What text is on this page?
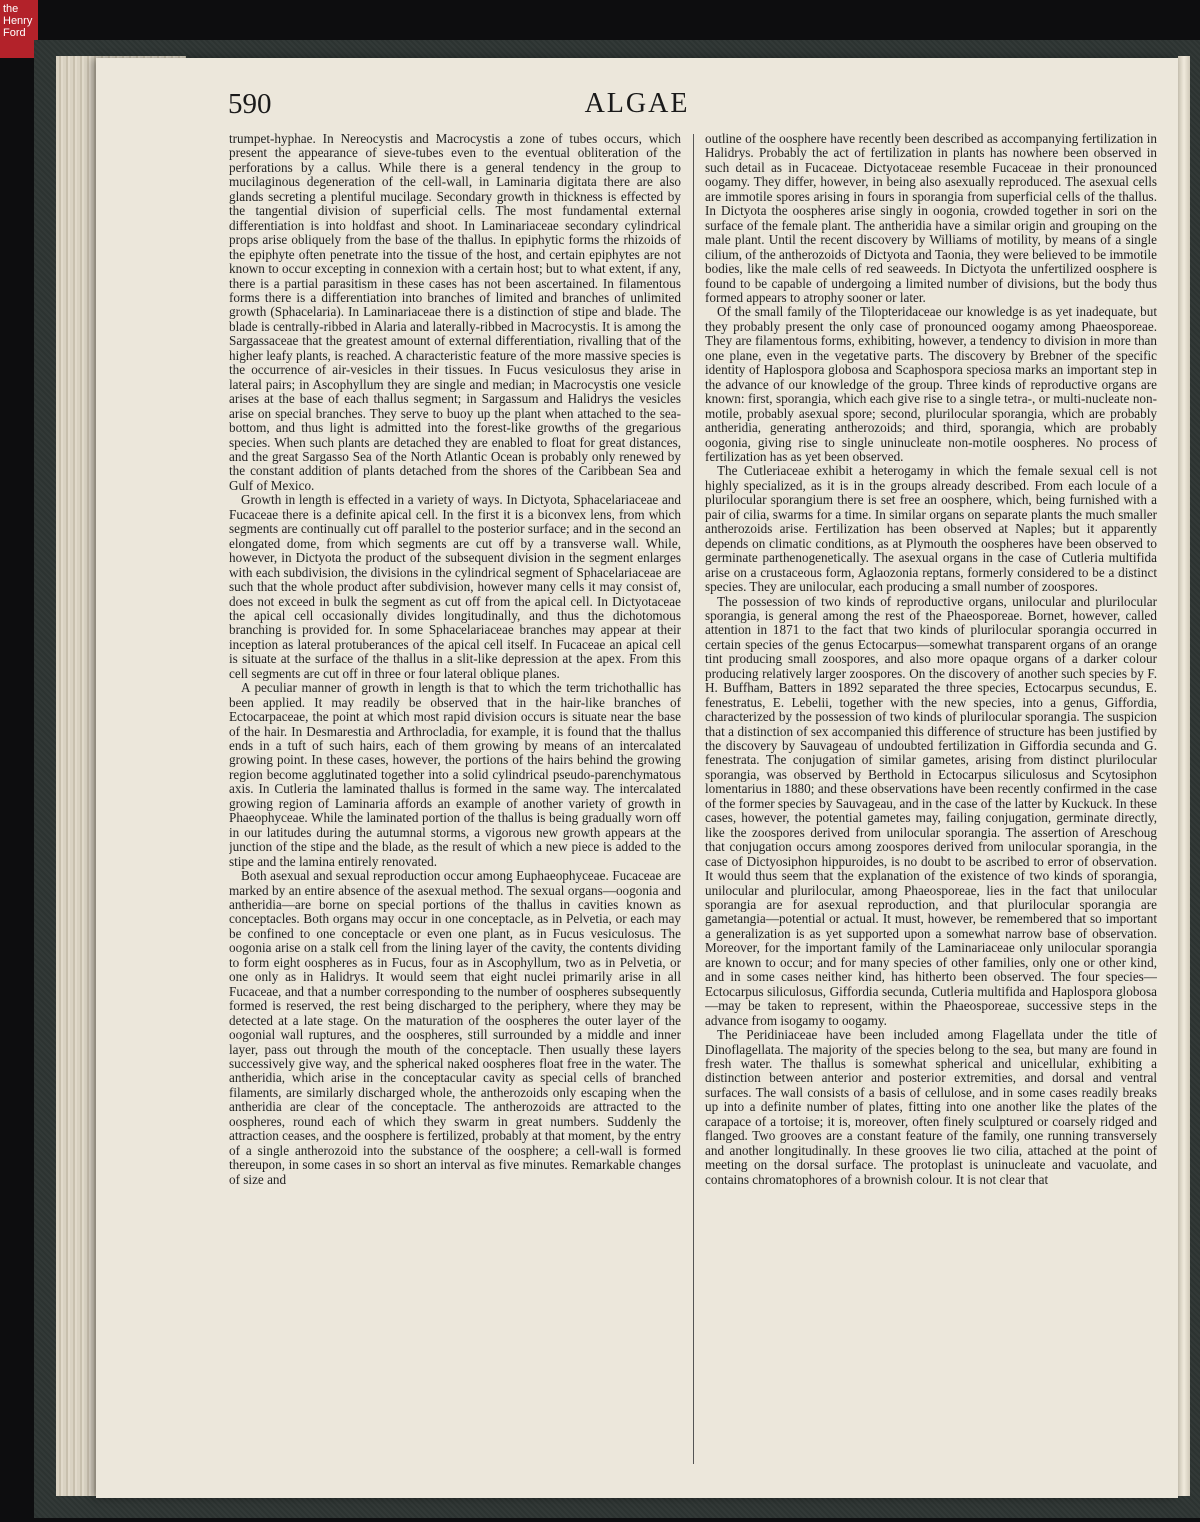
the
Henry
Ford
590	ALGAE

trumpet-hyphae. In Nereocystis and Macrocystis a zone of tubes occurs, which present the appearance of sieve-tubes even to the eventual obliteration of the perforations by a callus. While there is a general tendency in the group to mucilaginous degeneration of the cell-wall, in Laminaria digitata there are also glands secreting a plentiful mucilage. Secondary growth in thickness is effected by the tangential division of superficial cells. The most fundamental external differentiation is into holdfast and shoot. In Laminariaceae secondary cylindrical props arise obliquely from the base of the thallus. In epiphytic forms the rhizoids of the epiphyte often penetrate into the tissue of the host, and certain epiphytes are not known to occur excepting in connexion with a certain host; but to what extent, if any, there is a partial parasitism in these cases has not been ascertained. In filamentous forms there is a differentiation into branches of limited and branches of unlimited growth (Sphacelaria). In Laminariaceae there is a distinction of stipe and blade. The blade is centrally-ribbed in Alaria and laterally-ribbed in Macrocystis. It is among the Sargassaceae that the greatest amount of external differentiation, rivalling that of the higher leafy plants, is reached. A characteristic feature of the more massive species is the occurrence of air-vesicles in their tissues. In Fucus vesiculosus they arise in lateral pairs; in Ascophyllum they are single and median; in Macrocystis one vesicle arises at the base of each thallus segment; in Sargassum and Halidrys the vesicles arise on special branches. They serve to buoy up the plant when attached to the sea-bottom, and thus light is admitted into the forest-like growths of the gregarious species. When such plants are detached they are enabled to float for great distances, and the great Sargasso Sea of the North Atlantic Ocean is probably only renewed by the constant addition of plants detached from the shores of the Caribbean Sea and Gulf of Mexico.

Growth in length is effected in a variety of ways. In Dictyota, Sphacelariaceae and Fucaceae there is a definite apical cell. In the first it is a biconvex lens, from which segments are continually cut off parallel to the posterior surface; and in the second an elongated dome, from which segments are cut off by a transverse wall. While, however, in Dictyota the product of the subsequent division in the segment enlarges with each subdivision, the divisions in the cylindrical segment of Sphacelariaceae are such that the whole product after subdivision, however many cells it may consist of, does not exceed in bulk the segment as cut off from the apical cell. In Dictyotaceae the apical cell occasionally divides longitudinally, and thus the dichotomous branching is provided for. In some Sphacelariaceae branches may appear at their inception as lateral protuberances of the apical cell itself. In Fucaceae an apical cell is situate at the surface of the thallus in a slit-like depression at the apex. From this cell segments are cut off in three or four lateral oblique planes.

A peculiar manner of growth in length is that to which the term trichothallic has been applied. It may readily be observed that in the hair-like branches of Ectocarpaceae, the point at which most rapid division occurs is situate near the base of the hair. In Desmarestia and Arthrocladia, for example, it is found that the thallus ends in a tuft of such hairs, each of them growing by means of an intercalated growing point. In these cases, however, the portions of the hairs behind the growing region become agglutinated together into a solid cylindrical pseudo-parenchymatous axis. In Cutleria the laminated thallus is formed in the same way. The intercalated growing region of Laminaria affords an example of another variety of growth in Phaeophyceae. While the laminated portion of the thallus is being gradually worn off in our latitudes during the autumnal storms, a vigorous new growth appears at the junction of the stipe and the blade, as the result of which a new piece is added to the stipe and the lamina entirely renovated.

Both asexual and sexual reproduction occur among Euphaeophyceae. Fucaceae are marked by an entire absence of the asexual method. The sexual organs—oogonia and antheridia—are borne on special portions of the thallus in cavities known as conceptacles. Both organs may occur in one conceptacle, as in Pelvetia, or each may be confined to one conceptacle or even one plant, as in Fucus vesiculosus. The oogonia arise on a stalk cell from the lining layer of the cavity, the contents dividing to form eight oospheres as in Fucus, four as in Ascophyllum, two as in Pelvetia, or one only as in Halidrys. It would seem that eight nuclei primarily arise in all Fucaceae, and that a number corresponding to the number of oospheres subsequently formed is reserved, the rest being discharged to the periphery, where they may be detected at a late stage. On the maturation of the oospheres the outer layer of the oogonial wall ruptures, and the oospheres, still surrounded by a middle and inner layer, pass out through the mouth of the conceptacle. Then usually these layers successively give way, and the spherical naked oospheres float free in the water. The antheridia, which arise in the conceptacular cavity as special cells of branched filaments, are similarly discharged whole, the antherozoids only escaping when the antheridia are clear of the conceptacle. The antherozoids are attracted to the oospheres, round each of which they swarm in great numbers. Suddenly the attraction ceases, and the oosphere is fertilized, probably at that moment, by the entry of a single antherozoid into the substance of the oosphere; a cell-wall is formed thereupon, in some cases in so short an interval as five minutes. Remarkable changes of size and

outline of the oosphere have recently been described as accompanying fertilization in Halidrys. Probably the act of fertilization in plants has nowhere been observed in such detail as in Fucaceae. Dictyotaceae resemble Fucaceae in their pronounced oogamy. They differ, however, in being also asexually reproduced. The asexual cells are immotile spores arising in fours in sporangia from superficial cells of the thallus. In Dictyota the oospheres arise singly in oogonia, crowded together in sori on the surface of the female plant. The antheridia have a similar origin and grouping on the male plant. Until the recent discovery by Williams of motility, by means of a single cilium, of the antherozoids of Dictyota and Taonia, they were believed to be immotile bodies, like the male cells of red seaweeds. In Dictyota the unfertilized oosphere is found to be capable of undergoing a limited number of divisions, but the body thus formed appears to atrophy sooner or later.

Of the small family of the Tilopteridaceae our knowledge is as yet inadequate, but they probably present the only case of pronounced oogamy among Phaeosporeae. They are filamentous forms, exhibiting, however, a tendency to division in more than one plane, even in the vegetative parts. The discovery by Brebner of the specific identity of Haplospora globosa and Scaphospora speciosa marks an important step in the advance of our knowledge of the group. Three kinds of reproductive organs are known: first, sporangia, which each give rise to a single tetra-, or multi-nucleate non-motile, probably asexual spore; second, plurilocular sporangia, which are probably antheridia, generating antherozoids; and third, sporangia, which are probably oogonia, giving rise to single uninucleate non-motile oospheres. No process of fertilization has as yet been observed.

The Cutleriaceae exhibit a heterogamy in which the female sexual cell is not highly specialized, as it is in the groups already described. From each locule of a plurilocular sporangium there is set free an oosphere, which, being furnished with a pair of cilia, swarms for a time. In similar organs on separate plants the much smaller antherozoids arise. Fertilization has been observed at Naples; but it apparently depends on climatic conditions, as at Plymouth the oospheres have been observed to germinate parthenogenetically. The asexual organs in the case of Cutleria multifida arise on a crustaceous form, Aglaozonia reptans, formerly considered to be a distinct species. They are unilocular, each producing a small number of zoospores.

The possession of two kinds of reproductive organs, unilocular and plurilocular sporangia, is general among the rest of the Phaeosporeae. Bornet, however, called attention in 1871 to the fact that two kinds of plurilocular sporangia occurred in certain species of the genus Ectocarpus—somewhat transparent organs of an orange tint producing small zoospores, and also more opaque organs of a darker colour producing relatively larger zoospores. On the discovery of another such species by F. H. Buffham, Batters in 1892 separated the three species, Ectocarpus secundus, E. fenestratus, E. Lebelii, together with the new species, into a genus, Giffordia, characterized by the possession of two kinds of plurilocular sporangia. The suspicion that a distinction of sex accompanied this difference of structure has been justified by the discovery by Sauvageau of undoubted fertilization in Giffordia secunda and G. fenestrata. The conjugation of similar gametes, arising from distinct plurilocular sporangia, was observed by Berthold in Ectocarpus siliculosus and Scytosiphon lomentarius in 1880; and these observations have been recently confirmed in the case of the former species by Sauvageau, and in the case of the latter by Kuckuck. In these cases, however, the potential gametes may, failing conjugation, germinate directly, like the zoospores derived from unilocular sporangia. The assertion of Areschoug that conjugation occurs among zoospores derived from unilocular sporangia, in the case of Dictyosiphon hippuroides, is no doubt to be ascribed to error of observation. It would thus seem that the explanation of the existence of two kinds of sporangia, unilocular and plurilocular, among Phaeosporeae, lies in the fact that unilocular sporangia are for asexual reproduction, and that plurilocular sporangia are gametangia—potential or actual. It must, however, be remembered that so important a generalization is as yet supported upon a somewhat narrow base of observation. Moreover, for the important family of the Laminariaceae only unilocular sporangia are known to occur; and for many species of other families, only one or other kind, and in some cases neither kind, has hitherto been observed. The four species—Ectocarpus siliculosus, Giffordia secunda, Cutleria multifida and Haplospora globosa—may be taken to represent, within the Phaeosporeae, successive steps in the advance from isogamy to oogamy.

The Peridiniaceae have been included among Flagellata under the title of Dinoflagellata. The majority of the species belong to the sea, but many are found in fresh water. The thallus is somewhat spherical and unicellular, exhibiting a distinction between anterior and posterior extremities, and dorsal and ventral surfaces. The wall consists of a basis of cellulose, and in some cases readily breaks up into a definite number of plates, fitting into one another like the plates of the carapace of a tortoise; it is, moreover, often finely sculptured or coarsely ridged and flanged. Two grooves are a constant feature of the family, one running transversely and another longitudinally. In these grooves lie two cilia, attached at the point of meeting on the dorsal surface. The protoplast is uninucleate and vacuolate, and contains chromatophores of a brownish colour. It is not clear that
